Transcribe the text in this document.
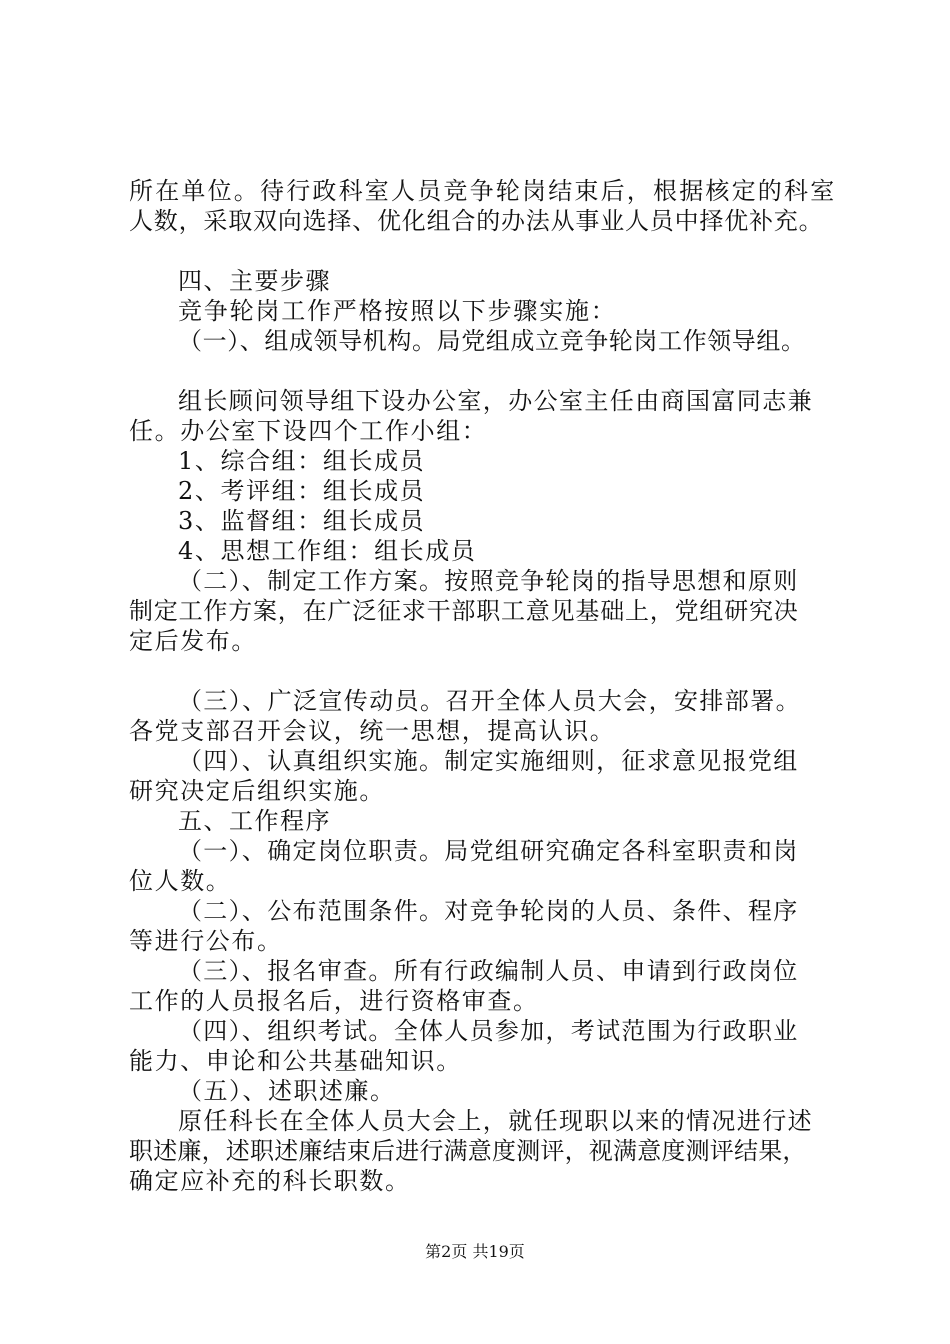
所在单位。待行政科室人员竞争轮岗结束后，根据核定的科室
人数，采取双向选择、优化组合的办法从事业人员中择优补充。
四、主要步骤
竞争轮岗工作严格按照以下步骤实施：
（一）、组成领导机构。局党组成立竞争轮岗工作领导组。
组长顾问领导组下设办公室，办公室主任由商国富同志兼
任。办公室下设四个工作小组：
1、综合组：组长成员
2、考评组：组长成员
3、监督组：组长成员
4、思想工作组：组长成员
（二）、制定工作方案。按照竞争轮岗的指导思想和原则
制定工作方案，在广泛征求干部职工意见基础上，党组研究决
定后发布。
（三）、广泛宣传动员。召开全体人员大会，安排部署。
各党支部召开会议，统一思想，提高认识。
（四）、认真组织实施。制定实施细则，征求意见报党组
研究决定后组织实施。
五、工作程序
（一）、确定岗位职责。局党组研究确定各科室职责和岗
位人数。
（二）、公布范围条件。对竞争轮岗的人员、条件、程序
等进行公布。
（三）、报名审查。所有行政编制人员、申请到行政岗位
工作的人员报名后，进行资格审查。
（四）、组织考试。全体人员参加，考试范围为行政职业
能力、申论和公共基础知识。
（五）、述职述廉。
原任科长在全体人员大会上，就任现职以来的情况进行述
职述廉，述职述廉结束后进行满意度测评，视满意度测评结果，
确定应补充的科长职数。
第2页 共19页
